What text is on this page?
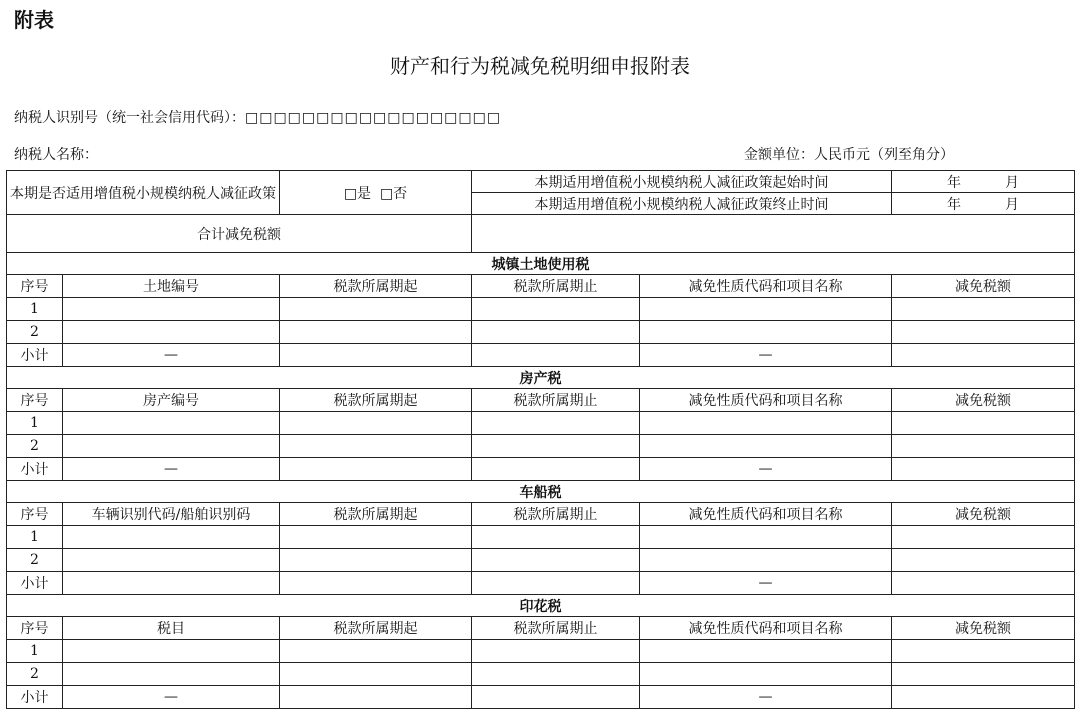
附表
财产和行为税减免税明细申报附表
纳税人识别号（统一社会信用代码）：□□□□□□□□□□□□□□□□□□
纳税人名称：	金额单位：人民币元（列至角分）
本期是否适用增值税小规模纳税人减征政策		□是 □否	本期适用增值税小规模纳税人减征政策起始时间		年 月
			本期适用增值税小规模纳税人减征政策终止时间		年 月
合计减免税额					
城镇土地使用税					
序号	土地编号	税款所属期起	税款所属期止	减免性质代码和项目名称	减免税额
1					
2					
小计	—			—	
房产税					
序号	房产编号	税款所属期起	税款所属期止	减免性质代码和项目名称	减免税额
1					
2					
小计	—			—	
车船税					
序号	车辆识别代码/船舶识别码	税款所属期起	税款所属期止	减免性质代码和项目名称	减免税额
1					
2					
小计				—	
印花税					
序号	税目	税款所属期起	税款所属期止	减免性质代码和项目名称	减免税额
1					
2					
小计	—			—	
